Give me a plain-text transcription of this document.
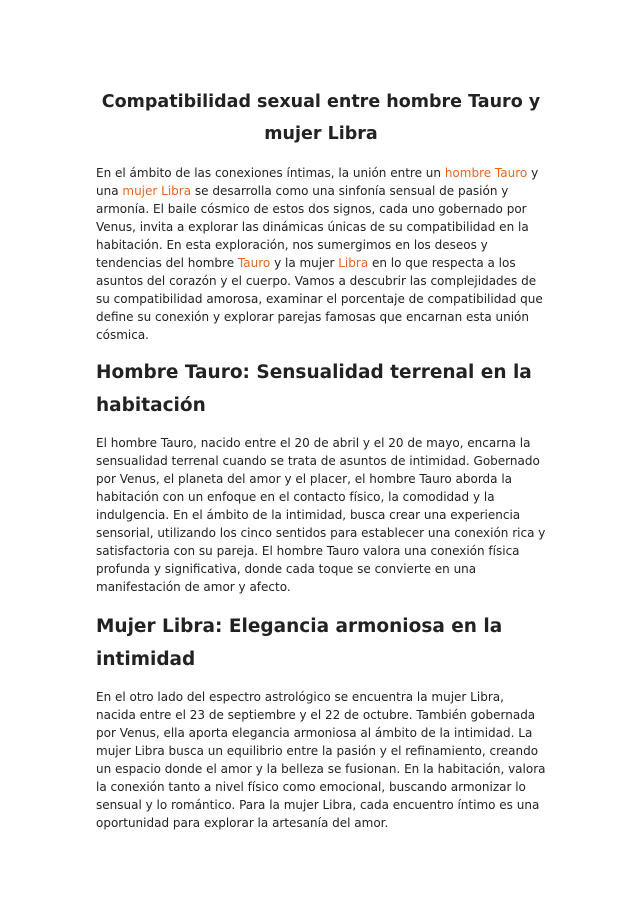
Compatibilidad sexual entre hombre Tauro y mujer Libra

En el ámbito de las conexiones íntimas, la unión entre un hombre Tauro y una mujer Libra se desarrolla como una sinfonía sensual de pasión y armonía. El baile cósmico de estos dos signos, cada uno gobernado por Venus, invita a explorar las dinámicas únicas de su compatibilidad en la habitación. En esta exploración, nos sumergimos en los deseos y tendencias del hombre Tauro y la mujer Libra en lo que respecta a los asuntos del corazón y el cuerpo. Vamos a descubrir las complejidades de su compatibilidad amorosa, examinar el porcentaje de compatibilidad que define su conexión y explorar parejas famosas que encarnan esta unión cósmica.

Hombre Tauro: Sensualidad terrenal en la habitación

El hombre Tauro, nacido entre el 20 de abril y el 20 de mayo, encarna la sensualidad terrenal cuando se trata de asuntos de intimidad. Gobernado por Venus, el planeta del amor y el placer, el hombre Tauro aborda la habitación con un enfoque en el contacto físico, la comodidad y la indulgencia. En el ámbito de la intimidad, busca crear una experiencia sensorial, utilizando los cinco sentidos para establecer una conexión rica y satisfactoria con su pareja. El hombre Tauro valora una conexión física profunda y significativa, donde cada toque se convierte en una manifestación de amor y afecto.

Mujer Libra: Elegancia armoniosa en la intimidad

En el otro lado del espectro astrológico se encuentra la mujer Libra, nacida entre el 23 de septiembre y el 22 de octubre. También gobernada por Venus, ella aporta elegancia armoniosa al ámbito de la intimidad. La mujer Libra busca un equilibrio entre la pasión y el refinamiento, creando un espacio donde el amor y la belleza se fusionan. En la habitación, valora la conexión tanto a nivel físico como emocional, buscando armonizar lo sensual y lo romántico. Para la mujer Libra, cada encuentro íntimo es una oportunidad para explorar la artesanía del amor.
